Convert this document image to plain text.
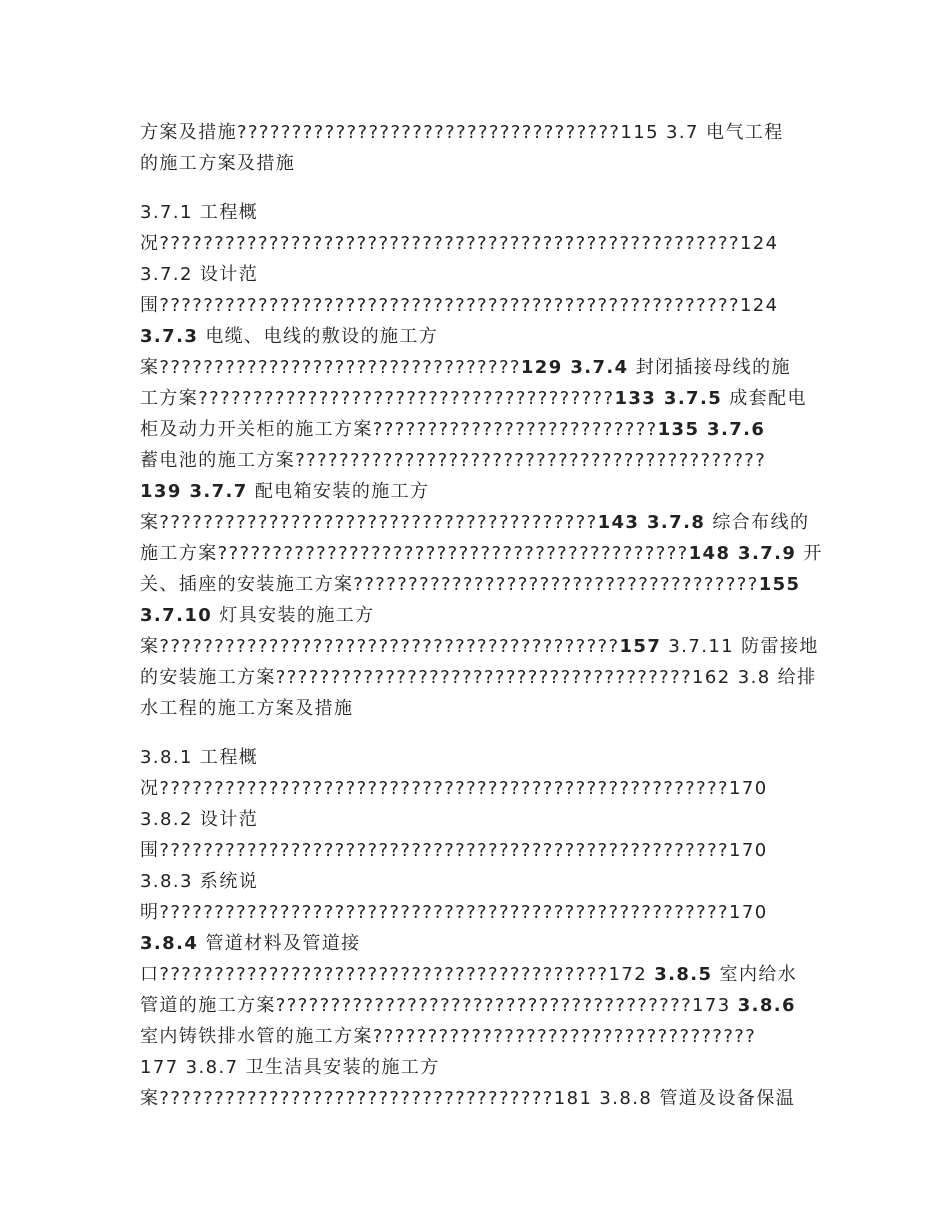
方案及措施???????????????????????????????????115 3.7 电气工程
的施工方案及措施
3.7.1 工程概
况?????????????????????????????????????????????????????124
3.7.2 设计范
围?????????????????????????????????????????????????????124
3.7.3 电缆、电线的敷设的施工方
案?????????????????????????????????129 3.7.4 封闭插接母线的施
工方案??????????????????????????????????????133 3.7.5 成套配电
柜及动力开关柜的施工方案??????????????????????????135 3.7.6
蓄电池的施工方案???????????????????????????????????????????
139 3.7.7 配电箱安装的施工方
案????????????????????????????????????????143 3.7.8 综合布线的
施工方案???????????????????????????????????????????148 3.7.9 开
关、插座的安装施工方案?????????????????????????????????????155
3.7.10 灯具安装的施工方
案??????????????????????????????????????????157 3.7.11 防雷接地
的安装施工方案??????????????????????????????????????162 3.8 给排
水工程的施工方案及措施
3.8.1 工程概
况????????????????????????????????????????????????????170
3.8.2 设计范
围????????????????????????????????????????????????????170
3.8.3 系统说
明????????????????????????????????????????????????????170
3.8.4 管道材料及管道接
口?????????????????????????????????????????172 3.8.5 室内给水
管道的施工方案??????????????????????????????????????173 3.8.6
室内铸铁排水管的施工方案???????????????????????????????????
177 3.8.7 卫生洁具安装的施工方
案????????????????????????????????????181 3.8.8 管道及设备保温
